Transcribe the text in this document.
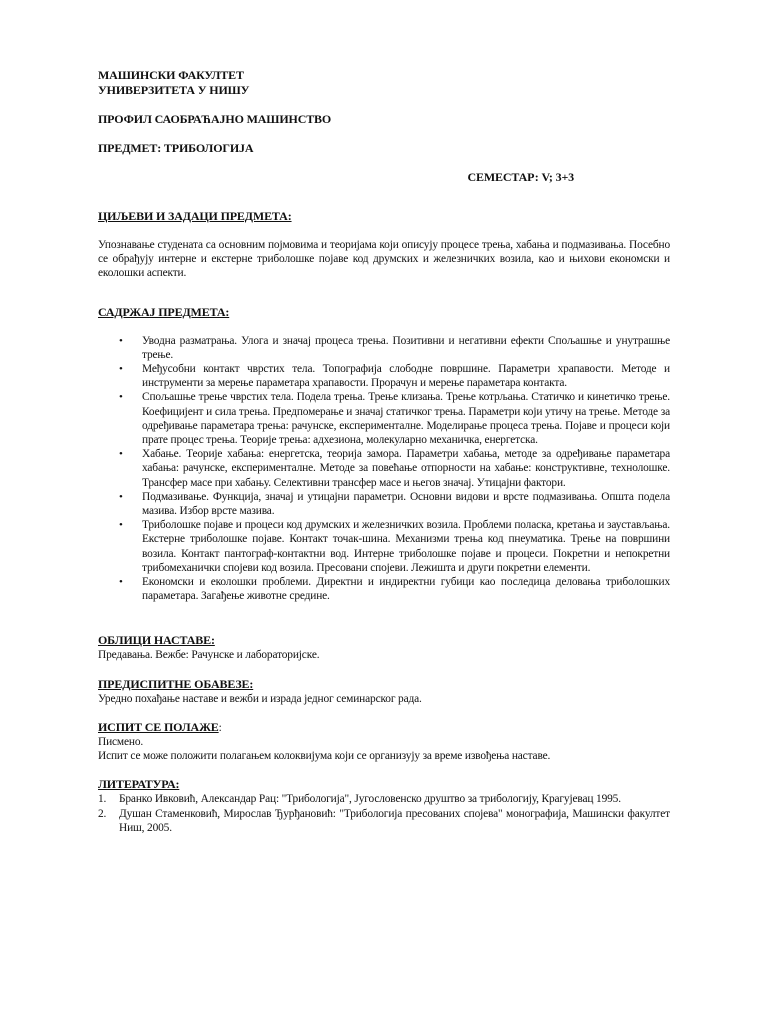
МАШИНСКИ ФАКУЛТЕТ
УНИВЕРЗИТЕТА У НИШУ
ПРОФИЛ САОБРАЋАЈНО МАШИНСТВО
ПРЕДМЕТ: ТРИБОЛОГИЈА
СЕМЕСТАР: V; 3+3
ЦИЉЕВИ И ЗАДАЦИ ПРЕДМЕТА:

Упознавање студената са основним појмовима и теоријама који описују процесе трења, хабања и подмазивања. Посебно се обрађују интерне и екстерне триболошке појаве код друмских и железничких возила, као и њихови економски и еколошки аспекти.

САДРЖАЈ ПРЕДМЕТА:
• Уводна разматрања. Улога и значај процеса трења. Позитивни и негативни ефекти Спољашње и унутрашње трење.
• Међусобни контакт чврстих тела. Топографија слободне површине. Параметри храпавости. Методе и инструменти за мерење параметара храпавости. Прорачун и мерење параметара контакта.
• Спољашње трење чврстих тела. Подела трења. Трење клизања. Трење котрљања. Статичко и кинетичко трење. Коефицијент и сила трења. Предпомерање и значај статичког трења. Параметри који утичу на трење. Методе за одређивање параметара трења: рачунске, експерименталне. Моделирање процеса трења. Појаве и процеси који прате процес трења. Теорије трења: адхезиона, молекуларно механичка, енергетска.
• Хабање. Теорије хабања: енергетска, теорија замора. Параметри хабања, методе за одређивање параметара хабања: рачунске, експерименталне. Методе за повећање отпорности на хабање: конструктивне, технолошке. Трансфер масе при хабању. Селективни трансфер масе и његов значај. Утицајни фактори.
• Подмазивање. Функција, значај и утицајни параметри. Основни видови и врсте подмазивања. Општа подела мазива. Избор врсте мазива.
• Триболошке појаве и процеси код друмских и железничких возила. Проблеми поласка, кретања и заустављања. Екстерне триболошке појаве. Контакт точак-шина. Механизми трења код пнеуматика. Трење на површини возила. Контакт пантограф-контактни вод. Интерне триболошке појаве и процеси. Покретни и непокретни трибомеханички спојеви код возила. Пресовани спојеви. Лежишта и други покретни елементи.
• Економски и еколошки проблеми. Директни и индиректни губици као последица деловања триболошких параметара. Загађење животне средине.
ОБЛИЦИ НАСТАВЕ:

Предавања. Вежбе: Рачунске и лабораторијске.

ПРЕДИСПИТНЕ ОБАВЕЗЕ:

Уредно похађање наставе и вежби и израда једног семинарског рада.

ИСПИТ СЕ ПОЛАЖЕ:

Писмено.

Испит се може положити полагањем колоквијума који се организују за време извођења наставе.

ЛИТЕРАТУРА:
1. Бранко Ивковић, Александар Рац: "Трибологија", Југословенско друштво за трибологију, Крагујевац 1995.
2. Душан Стаменковић, Мирослав Ђурђановић: "Трибологија пресованих спојева" монографија, Машински факултет Ниш, 2005.
